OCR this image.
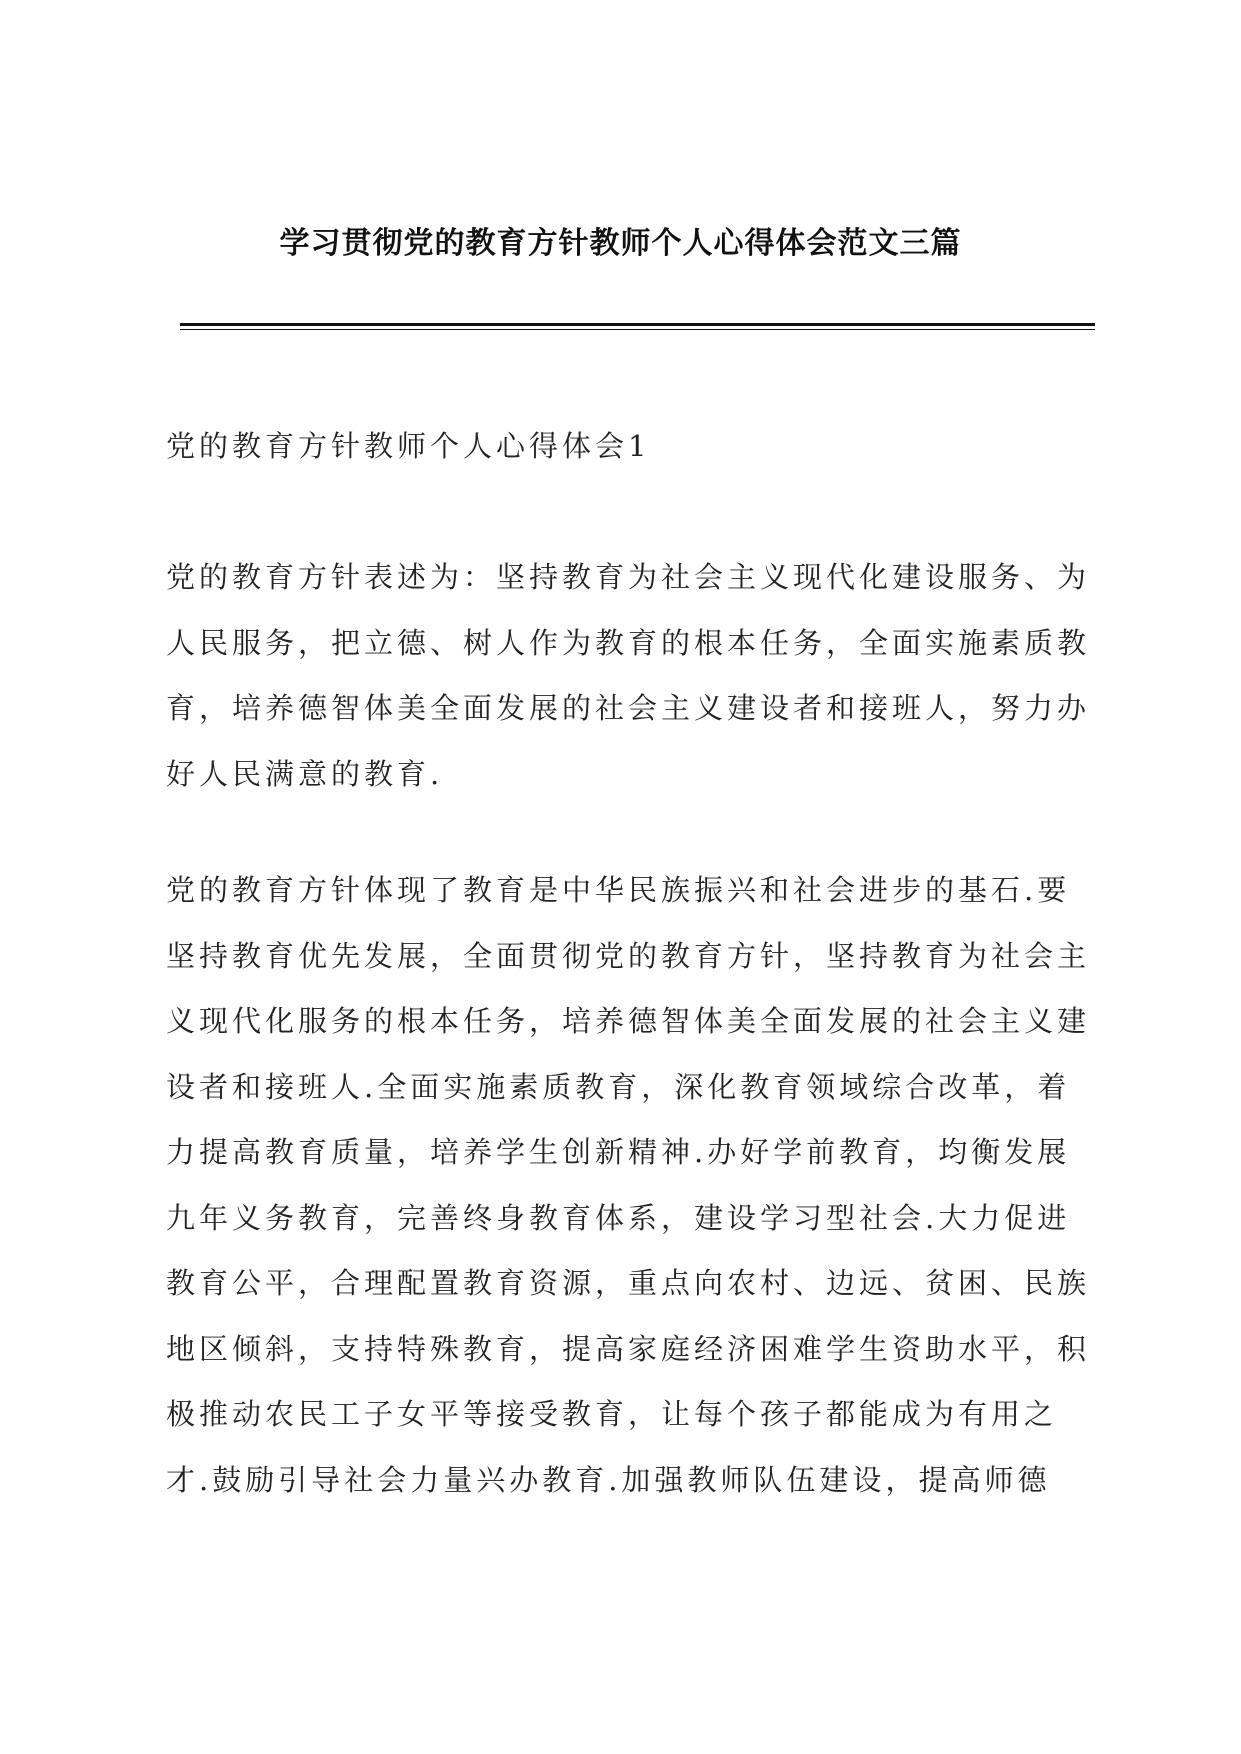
学习贯彻党的教育方针教师个人心得体会范文三篇

党的教育方针教师个人心得体会1

党的教育方针表述为：坚持教育为社会主义现代化建设服务、为人民服务，把立德、树人作为教育的根本任务，全面实施素质教育，培养德智体美全面发展的社会主义建设者和接班人，努力办好人民满意的教育.

党的教育方针体现了教育是中华民族振兴和社会进步的基石.要坚持教育优先发展，全面贯彻党的教育方针，坚持教育为社会主义现代化服务的根本任务，培养德智体美全面发展的社会主义建设者和接班人.全面实施素质教育，深化教育领域综合改革，着力提高教育质量，培养学生创新精神.办好学前教育，均衡发展九年义务教育，完善终身教育体系，建设学习型社会.大力促进教育公平，合理配置教育资源，重点向农村、边远、贫困、民族地区倾斜，支持特殊教育，提高家庭经济困难学生资助水平，积极推动农民工子女平等接受教育，让每个孩子都能成为有用之才.鼓励引导社会力量兴办教育.加强教师队伍建设，提高师德
